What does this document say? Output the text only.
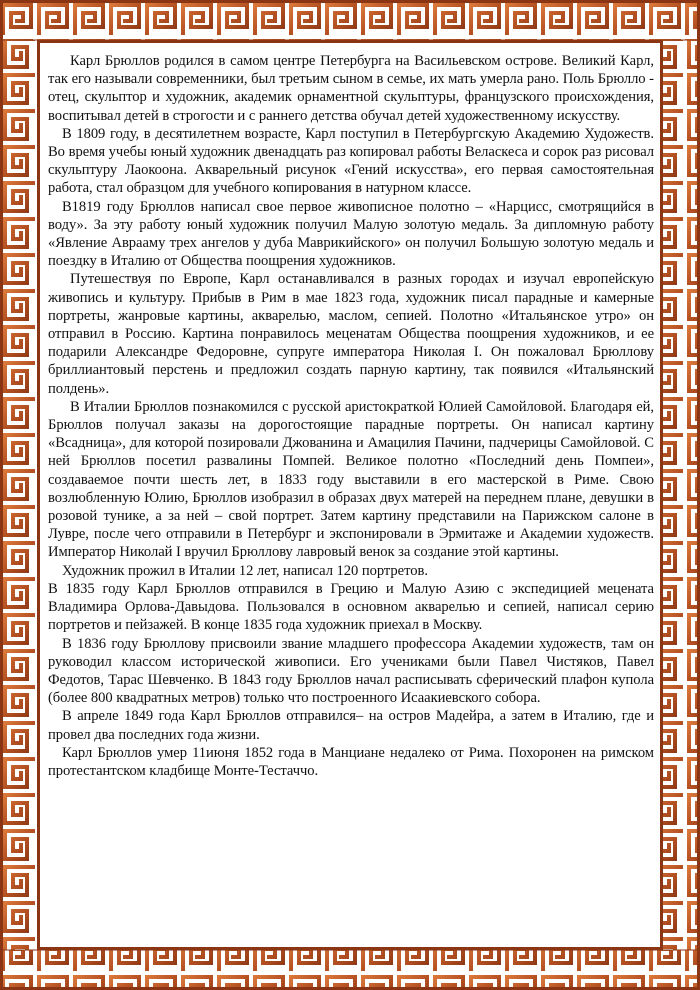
Карл Брюллов родился в самом центре Петербурга на Васильевском острове. Великий Карл, так его называли современники, был третьим сыном в семье, их мать умерла рано. Поль Брюлло - отец, скульптор и художник, академик орнаментной скульптуры, французского происхождения, воспитывал детей в строгости и с раннего детства обучал детей художественному искусству.

В 1809 году, в десятилетнем возрасте, Карл поступил в Петербургскую Академию Художеств. Во время учебы юный художник двенадцать раз копировал работы Веласкеса и сорок раз рисовал скульптуру Лаокоона. Акварельный рисунок «Гений искусства», его первая самостоятельная работа, стал образцом для учебного копирования в натурном классе.

В1819 году Брюллов написал свое первое живописное полотно – «Нарцисс, смотрящийся в воду». За эту работу юный художник получил Малую золотую медаль. За дипломную работу «Явление Аврааму трех ангелов у дуба Маврикийского» он получил Большую золотую медаль и поездку в Италию от Общества поощрения художников.

Путешествуя по Европе, Карл останавливался в разных городах и изучал европейскую живопись и культуру. Прибыв в Рим в мае 1823 года, художник писал парадные и камерные портреты, жанровые картины, акварелью, маслом, сепией. Полотно «Итальянское утро» он отправил в Россию. Картина понравилось меценатам Общества поощрения художников, и ее подарили Александре Федоровне, супруге императора Николая I. Он пожаловал Брюллову бриллиантовый перстень и предложил создать парную картину, так появился «Итальянский полдень».

В Италии Брюллов познакомился с русской аристократкой Юлией Самойловой. Благодаря ей, Брюллов получал заказы на дорогостоящие парадные портреты. Он написал картину «Всадница», для которой позировали Джованина и Амацилия Пачини, падчерицы Самойловой. С ней Брюллов посетил развалины Помпей. Великое полотно «Последний день Помпеи», создаваемое почти шесть лет, в 1833 году выставили в его мастерской в Риме. Свою возлюбленную Юлию, Брюллов изобразил в образах двух матерей на переднем плане, девушки в розовой тунике, а за ней – свой портрет. Затем картину представили на Парижском салоне в Лувре, после чего отправили в Петербург и экспонировали в Эрмитаже и Академии художеств. Император Николай I вручил Брюллову лавровый венок за создание этой картины.

Художник прожил в Италии 12 лет, написал 120 портретов.

В 1835 году Карл Брюллов отправился в Грецию и Малую Азию с экспедицией мецената Владимира Орлова-Давыдова. Пользовался в основном акварелью и сепией, написал серию портретов и пейзажей. В конце 1835 года художник приехал в Москву.

В 1836 году Брюллову присвоили звание младшего профессора Академии художеств, там он руководил классом исторической живописи. Его учениками были Павел Чистяков, Павел Федотов, Тарас Шевченко. В 1843 году Брюллов начал расписывать сферический плафон купола (более 800 квадратных метров) только что построенного Исаакиевского собора.

В апреле 1849 года Карл Брюллов отправился– на остров Мадейра, а затем в Италию, где и провел два последних года жизни.

Карл Брюллов умер 11июня 1852 года в Манциане недалеко от Рима. Похоронен на римском протестантском кладбище Монте-Тестаччо.
